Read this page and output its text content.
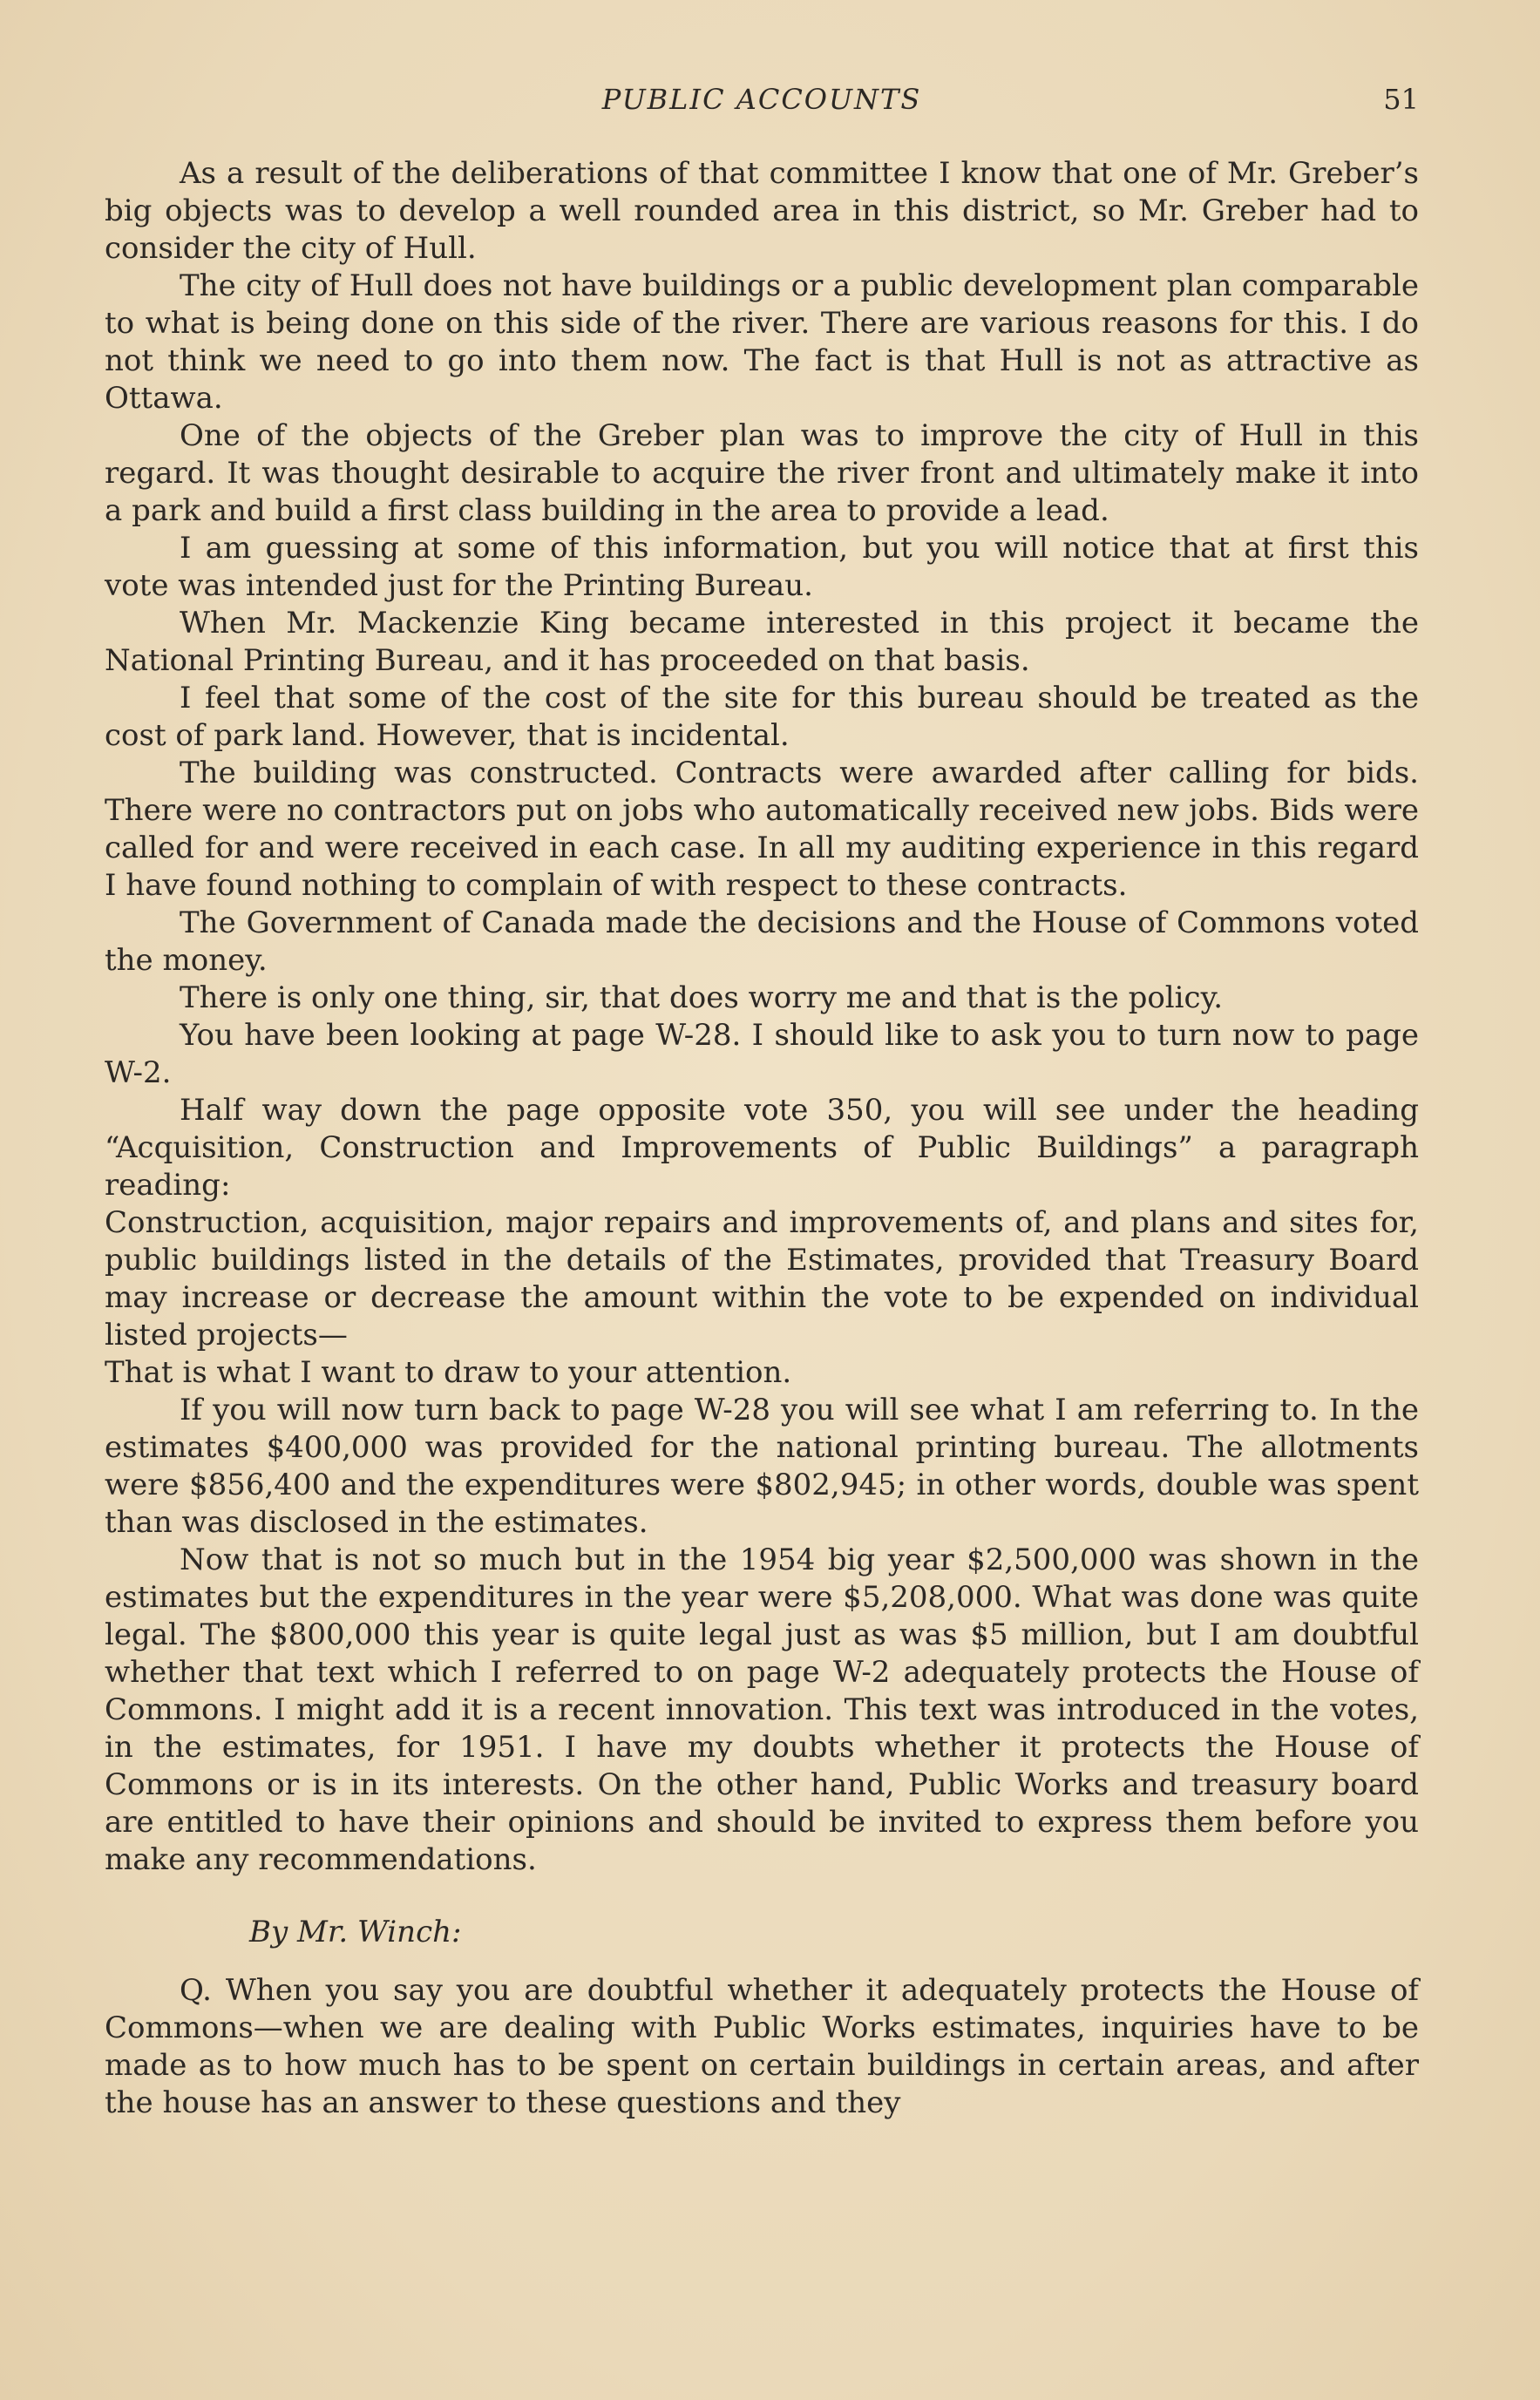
PUBLIC ACCOUNTS	51

As a result of the deliberations of that committee I know that one of Mr. Greber’s big objects was to develop a well rounded area in this district, so Mr. Greber had to consider the city of Hull.

The city of Hull does not have buildings or a public development plan comparable to what is being done on this side of the river. There are various reasons for this. I do not think we need to go into them now. The fact is that Hull is not as attractive as Ottawa.

One of the objects of the Greber plan was to improve the city of Hull in this regard. It was thought desirable to acquire the river front and ultimately make it into a park and build a first class building in the area to provide a lead.

I am guessing at some of this information, but you will notice that at first this vote was intended just for the Printing Bureau.

When Mr. Mackenzie King became interested in this project it became the National Printing Bureau, and it has proceeded on that basis.

I feel that some of the cost of the site for this bureau should be treated as the cost of park land. However, that is incidental.

The building was constructed. Contracts were awarded after calling for bids. There were no contractors put on jobs who automatically received new jobs. Bids were called for and were received in each case. In all my auditing experience in this regard I have found nothing to complain of with respect to these contracts.

The Government of Canada made the decisions and the House of Commons voted the money.

There is only one thing, sir, that does worry me and that is the policy.

You have been looking at page W-28. I should like to ask you to turn now to page W-2.

Half way down the page opposite vote 350, you will see under the heading “Acquisition, Construction and Improvements of Public Buildings” a paragraph reading:

Construction, acquisition, major repairs and improvements of, and plans and sites for, public buildings listed in the details of the Estimates, provided that Treasury Board may increase or decrease the amount within the vote to be expended on individual listed projects—

That is what I want to draw to your attention.

If you will now turn back to page W-28 you will see what I am referring to. In the estimates $400,000 was provided for the national printing bureau. The allotments were $856,400 and the expenditures were $802,945; in other words, double was spent than was disclosed in the estimates.

Now that is not so much but in the 1954 big year $2,500,000 was shown in the estimates but the expenditures in the year were $5,208,000. What was done was quite legal. The $800,000 this year is quite legal just as was $5 million, but I am doubtful whether that text which I referred to on page W-2 adequately protects the House of Commons. I might add it is a recent innovation. This text was introduced in the votes, in the estimates, for 1951. I have my doubts whether it protects the House of Commons or is in its interests. On the other hand, Public Works and treasury board are entitled to have their opinions and should be invited to express them before you make any recommendations.

By Mr. Winch:

Q. When you say you are doubtful whether it adequately protects the House of Commons—when we are dealing with Public Works estimates, inquiries have to be made as to how much has to be spent on certain buildings in certain areas, and after the house has an answer to these questions and they
